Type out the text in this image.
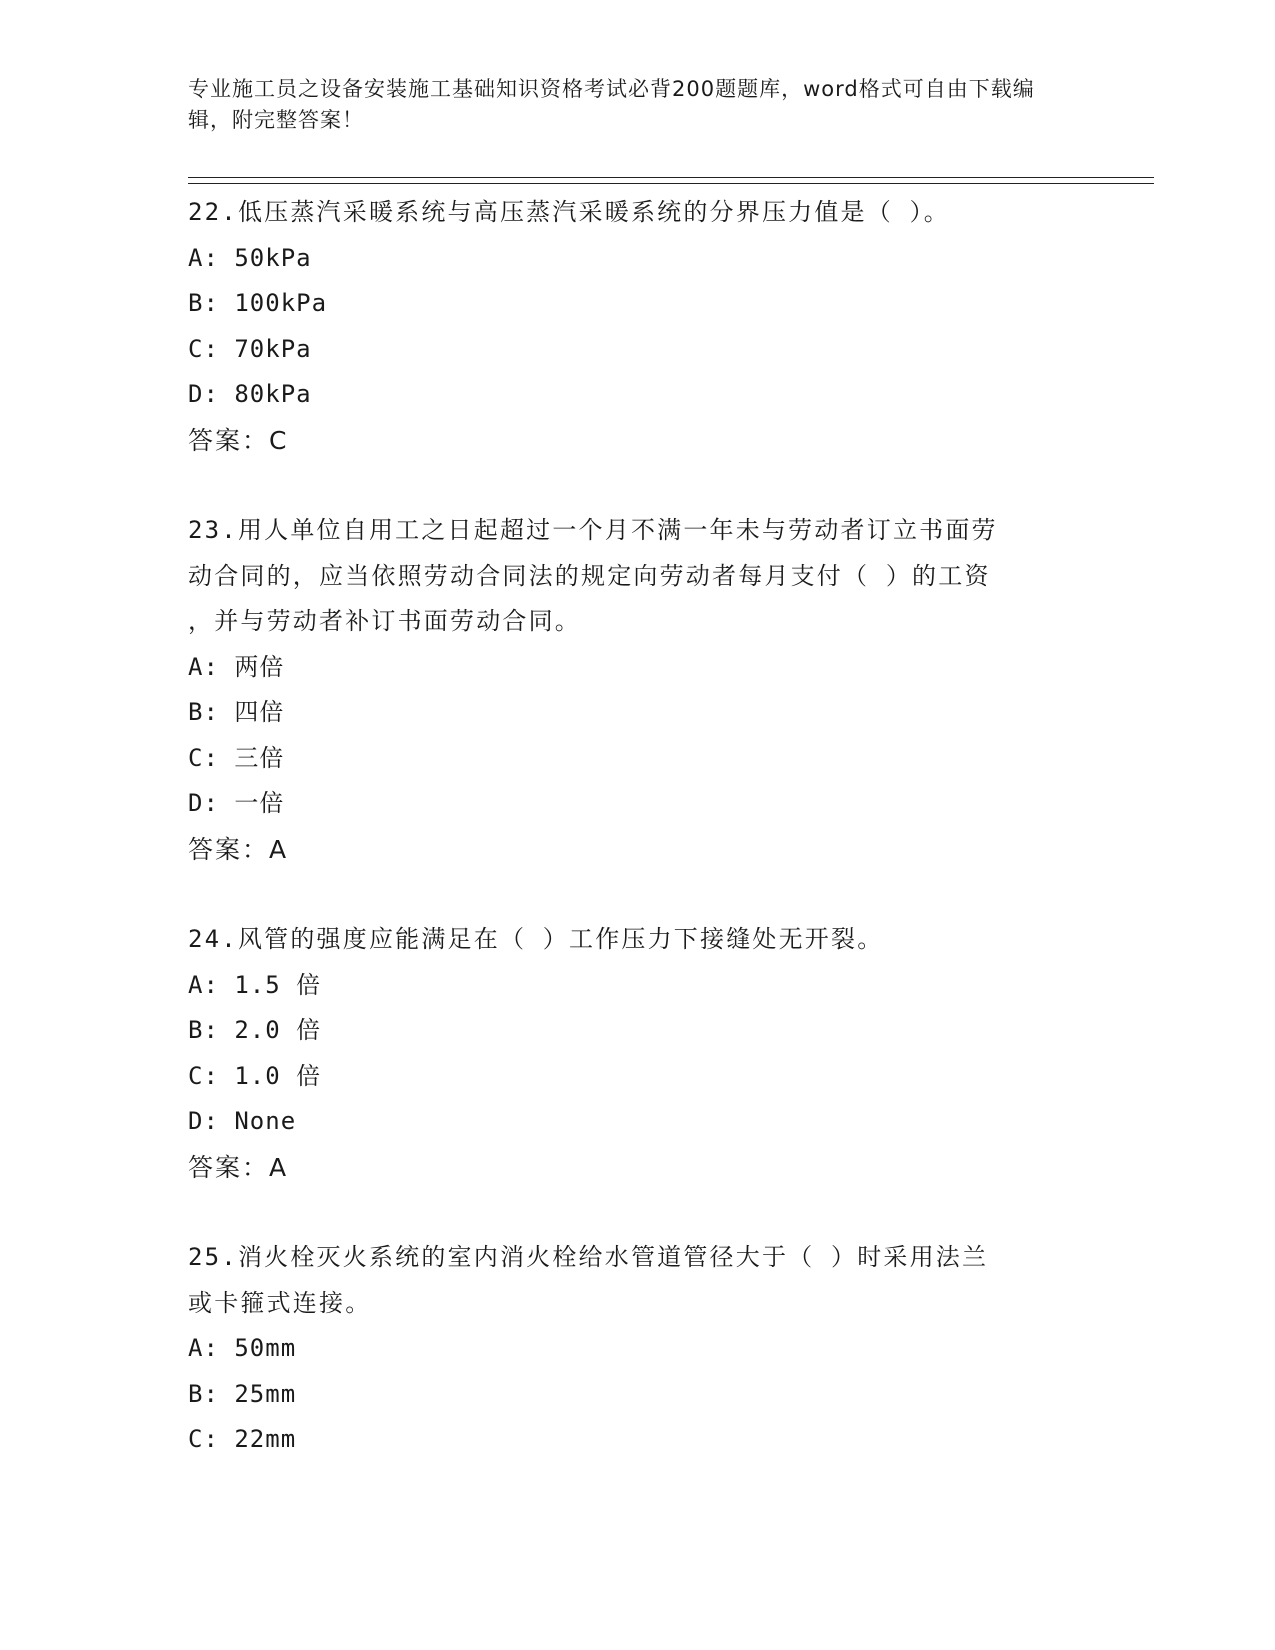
专业施工员之设备安装施工基础知识资格考试必背200题题库，word格式可自由下载编辑，附完整答案！

22.低压蒸汽采暖系统与高压蒸汽采暖系统的分界压力值是（ ）。

A: 50kPa

B: 100kPa

C: 70kPa

D: 80kPa

答案：C

23.用人单位自用工之日起超过一个月不满一年未与劳动者订立书面劳

动合同的，应当依照劳动合同法的规定向劳动者每月支付（ ）的工资

，并与劳动者补订书面劳动合同。

A: 两倍

B: 四倍

C: 三倍

D: 一倍

答案：A

24.风管的强度应能满足在（ ）工作压力下接缝处无开裂。

A: 1.5 倍

B: 2.0 倍

C: 1.0 倍

D: None

答案：A

25.消火栓灭火系统的室内消火栓给水管道管径大于（ ）时采用法兰

或卡箍式连接。

A: 50mm

B: 25mm

C: 22mm
